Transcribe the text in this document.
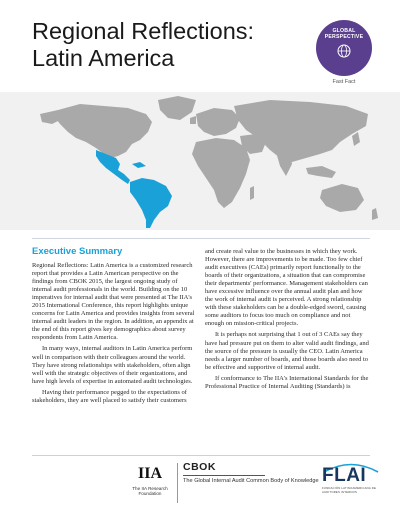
Regional Reflections: Latin America
GLOBAL PERSPECTIVE
Fast Fact
Executive Summary

Regional Reflections: Latin America is a customized research report that provides a Latin American perspective on the findings from CBOK 2015, the largest ongoing study of internal audit professionals in the world. Building on the 10 imperatives for internal audit that were presented at The IIA's 2015 International Conference, this report highlights unique concerns for Latin America and provides insights from several internal audit leaders in the region. In addition, an appendix at the end of this report gives key demographics about survey respondents from Latin America.

In many ways, internal auditors in Latin America perform well in comparison with their colleagues around the world. They have strong relationships with stakeholders, often align well with the strategic objectives of their organizations, and have high levels of expertise in automated audit technologies.

Having their performance pegged to the expectations of stakeholders, they are well placed to satisfy their customers

and create real value to the businesses in which they work. However, there are improvements to be made. Too few chief audit executives (CAEs) primarily report functionally to the boards of their organizations, a situation that can compromise their departments' performance. Management stakeholders can have excessive influence over the annual audit plan and how the work of internal audit is perceived. A strong relationship with these stakeholders can be a double-edged sword, causing some auditors to focus too much on compliance and not enough on mission-critical projects.

It is perhaps not surprising that 1 out of 3 CAEs say they have had pressure put on them to alter valid audit findings, and the source of the pressure is usually the CEO. Latin America needs a larger number of boards, and those boards also need to be effective and supportive of internal audit.

If conformance to The IIA's International Standards for the Professional Practice of Internal Auditing (Standards) is

IIA
The IIA Research Foundation
CBOK
The Global Internal Audit Common Body of Knowledge FLAI
FUNDACIÓN LATINOAMERICANA DE AUDITORES INTERNOS
